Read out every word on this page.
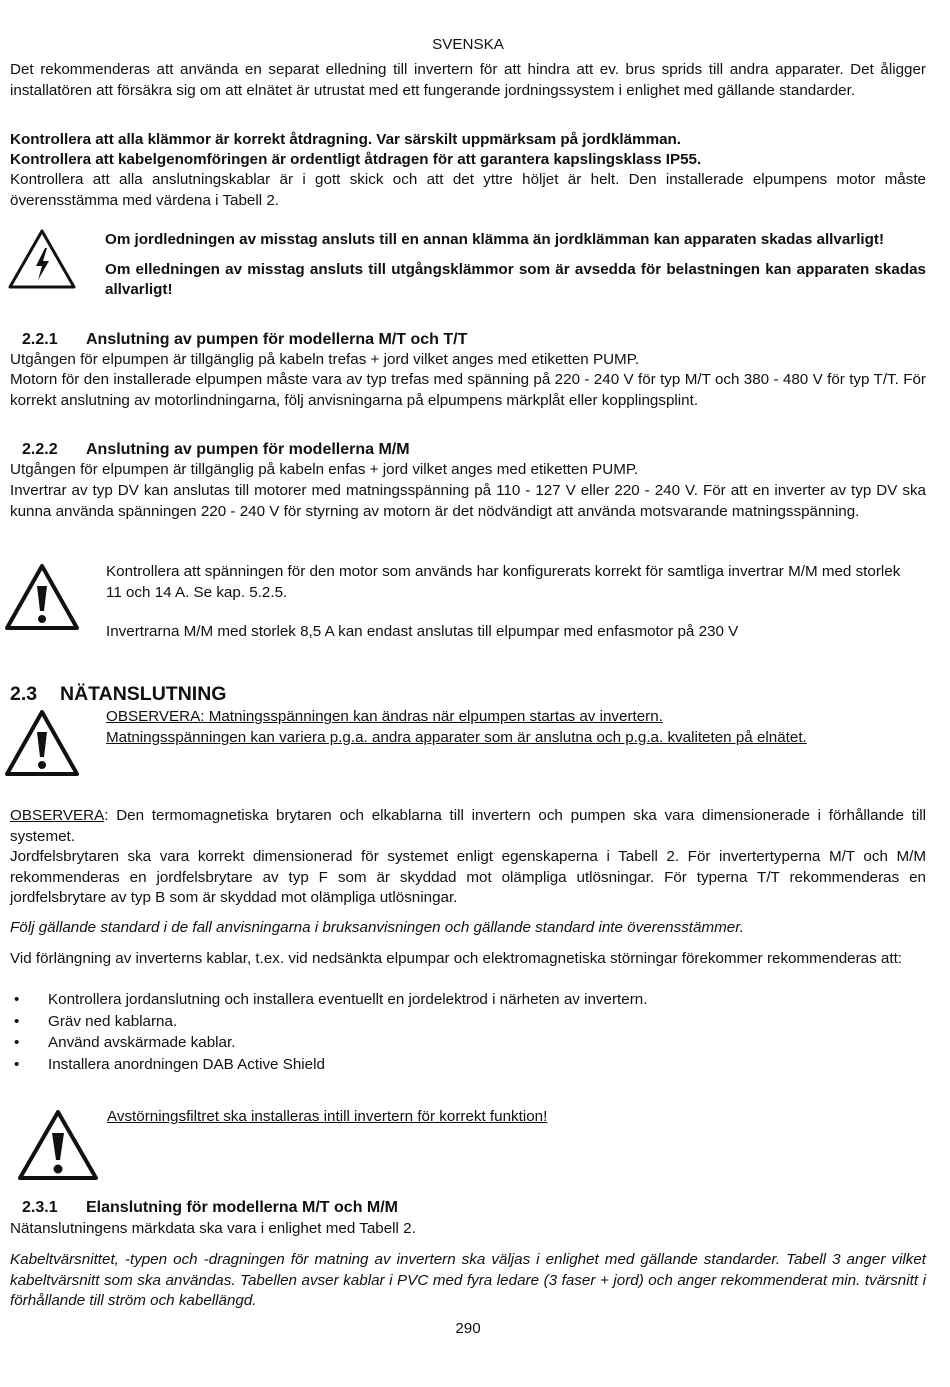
SVENSKA

Det rekommenderas att använda en separat elledning till invertern för att hindra att ev. brus sprids till andra apparater. Det åligger installatören att försäkra sig om att elnätet är utrustat med ett fungerande jordningssystem i enlighet med gällande standarder.

Kontrollera att alla klämmor är korrekt åtdragning. Var särskilt uppmärksam på jordklämman.

Kontrollera att kabelgenomföringen är ordentligt åtdragen för att garantera kapslingsklass IP55.

Kontrollera att alla anslutningskablar är i gott skick och att det yttre höljet är helt. Den installerade elpumpens motor måste överensstämma med värdena i Tabell 2.

Om jordledningen av misstag ansluts till en annan klämma än jordklämman kan apparaten skadas allvarligt!

Om elledningen av misstag ansluts till utgångsklämmor som är avsedda för belastningen kan apparaten skadas allvarligt!

2.2.1 Anslutning av pumpen för modellerna M/T och T/T

Utgången för elpumpen är tillgänglig på kabeln trefas + jord vilket anges med etiketten PUMP.

Motorn för den installerade elpumpen måste vara av typ trefas med spänning på 220 - 240 V för typ M/T och 380 - 480 V för typ T/T. För korrekt anslutning av motorlindningarna, följ anvisningarna på elpumpens märkplåt eller kopplingsplint.

2.2.2 Anslutning av pumpen för modellerna M/M

Utgången för elpumpen är tillgänglig på kabeln enfas + jord vilket anges med etiketten PUMP.

Invertrar av typ DV kan anslutas till motorer med matningsspänning på 110 - 127 V eller 220 - 240 V. För att en inverter av typ DV ska kunna använda spänningen 220 - 240 V för styrning av motorn är det nödvändigt att använda motsvarande matningsspänning.

Kontrollera att spänningen för den motor som används har konfigurerats korrekt för samtliga invertrar M/M med storlek 11 och 14 A. Se kap. 5.2.5.

Invertrarna M/M med storlek 8,5 A kan endast anslutas till elpumpar med enfasmotor på 230 V

2.3 NÄTANSLUTNING

OBSERVERA: Matningsspänningen kan ändras när elpumpen startas av invertern.

Matningsspänningen kan variera p.g.a. andra apparater som är anslutna och p.g.a. kvaliteten på elnätet.

OBSERVERA: Den termomagnetiska brytaren och elkablarna till invertern och pumpen ska vara dimensionerade i förhållande till systemet.

Jordfelsbrytaren ska vara korrekt dimensionerad för systemet enligt egenskaperna i Tabell 2. För invertertyperna M/T och M/M rekommenderas en jordfelsbrytare av typ F som är skyddad mot olämpliga utlösningar. För typerna T/T rekommenderas en jordfelsbrytare av typ B som är skyddad mot olämpliga utlösningar.

Följ gällande standard i de fall anvisningarna i bruksanvisningen och gällande standard inte överensstämmer.

Vid förlängning av inverterns kablar, t.ex. vid nedsänkta elpumpar och elektromagnetiska störningar förekommer rekommenderas att:

• Kontrollera jordanslutning och installera eventuellt en jordelektrod i närheten av invertern.
• Gräv ned kablarna.
• Använd avskärmade kablar.
• Installera anordningen DAB Active Shield

Avstörningsfiltret ska installeras intill invertern för korrekt funktion!

2.3.1 Elanslutning för modellerna M/T och M/M

Nätanslutningens märkdata ska vara i enlighet med Tabell 2.

Kabeltvärsnittet, -typen och -dragningen för matning av invertern ska väljas i enlighet med gällande standarder. Tabell 3 anger vilket kabeltvärsnitt som ska användas. Tabellen avser kablar i PVC med fyra ledare (3 faser + jord) och anger rekommenderat min. tvärsnitt i förhållande till ström och kabellängd.

290
